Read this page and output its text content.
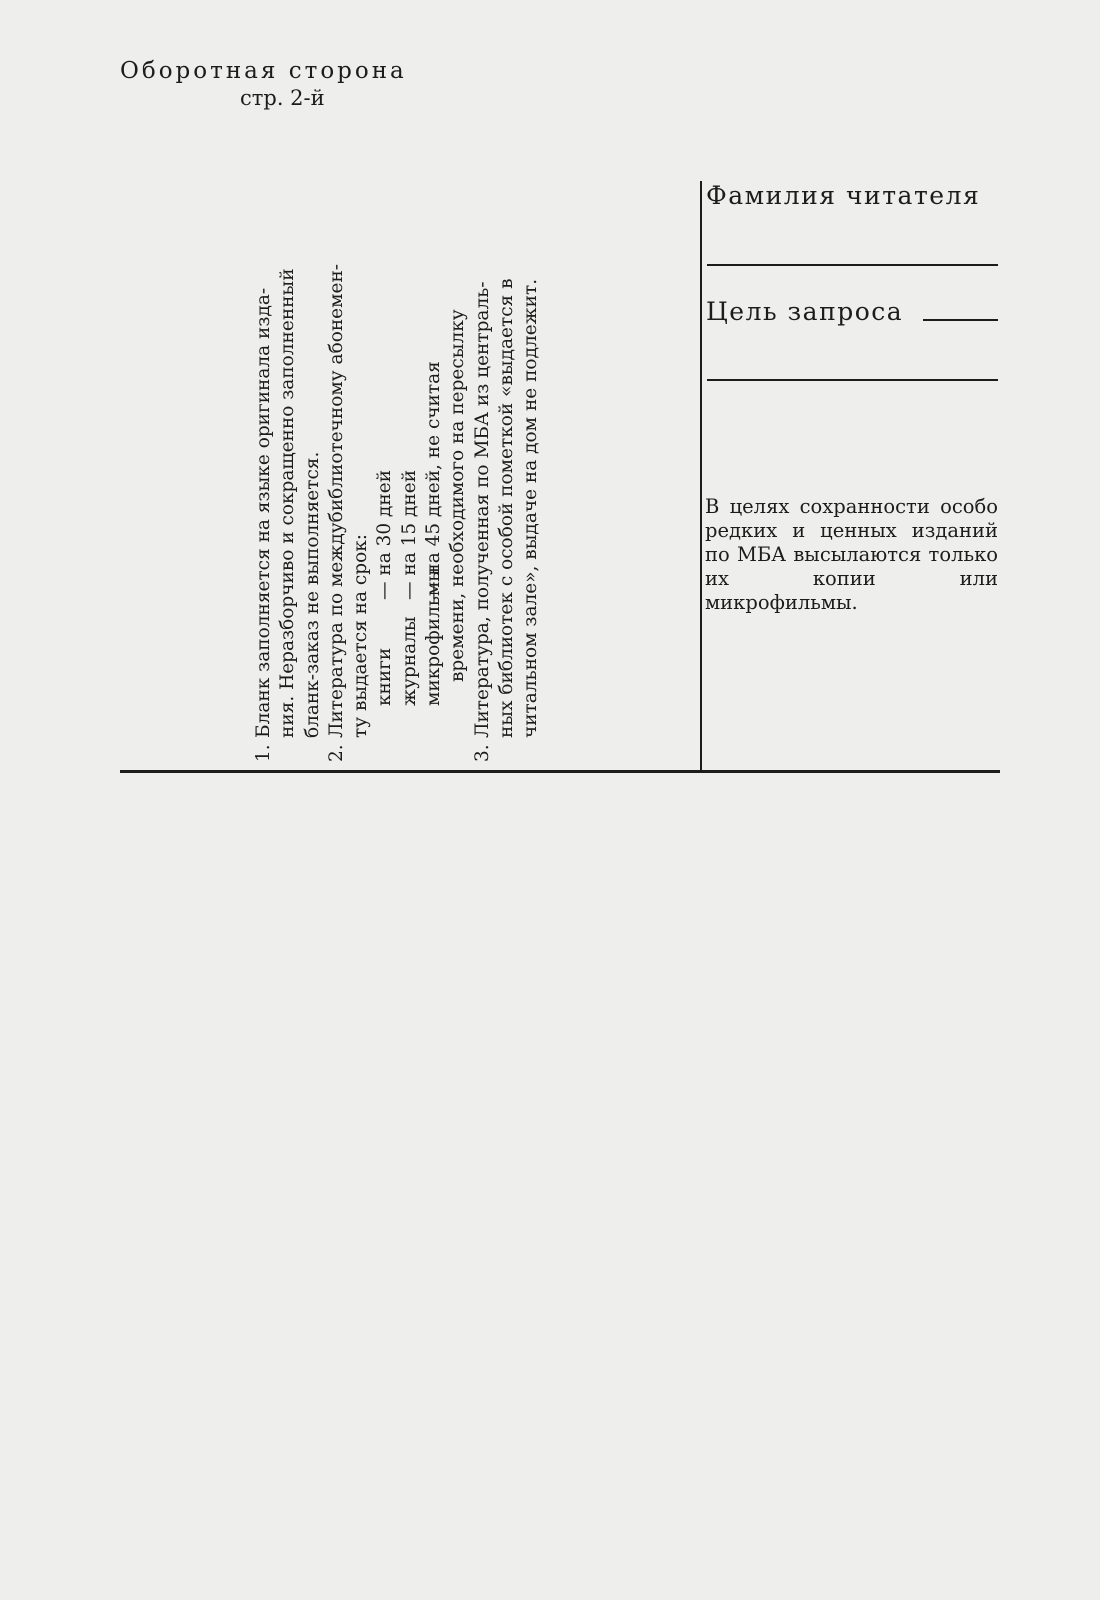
Оборотная сторона
стр. 2-й

1.Бланк заполняется на языке оригинала изда- ния. Неразборчиво и сокращенно заполненный бланк-заказ не выполняется.

2.Литература по междубиблиотечному абонемен- ту выдается на срок: книги
— на 30 дней
журналы
— на 15 дней
микрофильмы
— на 45 дней, не считая времени, необходимого на пересылку

3.Литература, полученная по МБА из централь- ных библиотек с особой пометкой «выдается в читальном зале», выдаче на дом не подлежит.

Фамилия читателя
Цель запроса

В целях сохранности особо редких и ценных изданий по МБА высылаются только их копии или микрофильмы.
